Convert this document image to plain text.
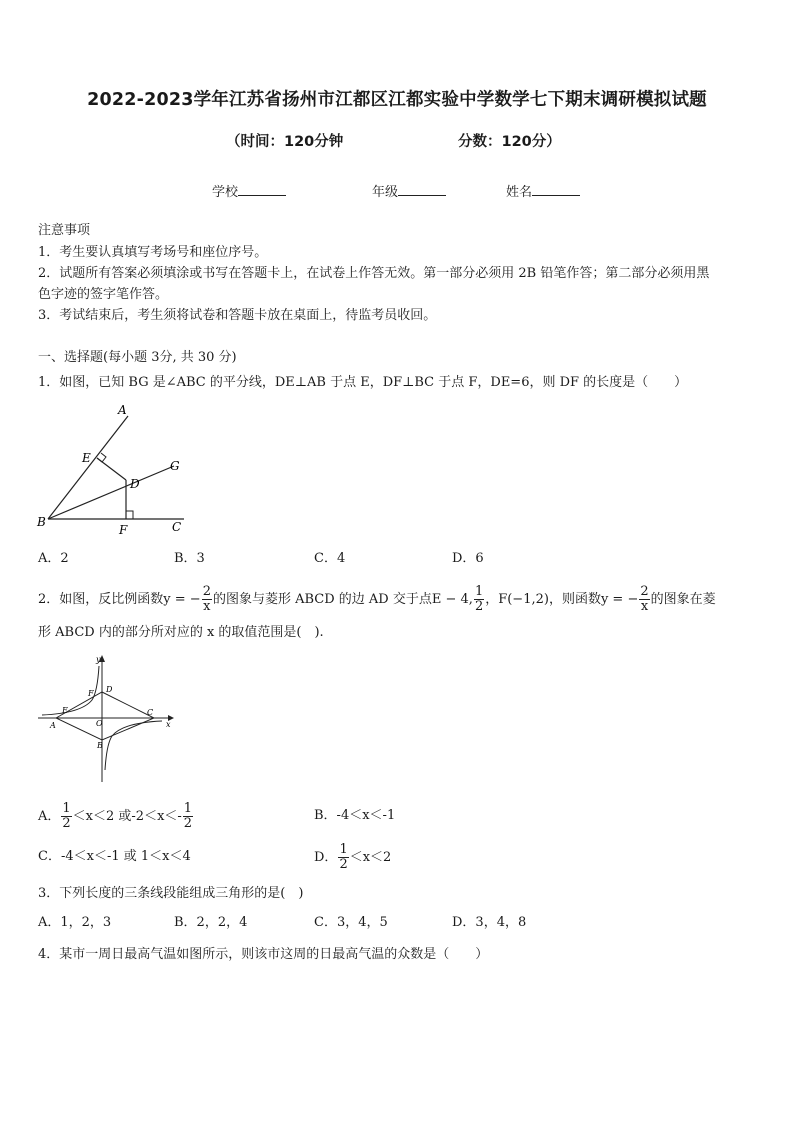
2022-2023学年江苏省扬州市江都区江都实验中学数学七下期末调研模拟试题
（时间：120分钟	分数：120分）
学校	年级	姓名
注意事项
1．考生要认真填写考场号和座位序号。
2．试题所有答案必须填涂或书写在答题卡上，在试卷上作答无效。第一部分必须用 2B 铅笔作答；第二部分必须用黑
色字迹的签字笔作答。
3．考试结束后，考生须将试卷和答题卡放在桌面上，待监考员收回。
一、选择题(每小题 3分, 共 30 分)
1．如图，已知 BG 是∠ABC 的平分线，DE⊥AB 于点 E，DF⊥BC 于点 F，DE=6，则 DF 的长度是（　　）
A
E
G
D
B
F	C
A．2	B．3	C．4	D．6
2．如图，反比例函数y = − $\frac{2}{x}$ 的图象与菱形 ABCD 的边 AD 交于点E − 4, $\frac{1}{2}$ ，F(−1,2)，则函数y = − $\frac{2}{x}$ 的图象在菱
形 ABCD 内的部分所对应的 x 的取值范围是(　).
y
F D
E
O
C
x
A
B
A． $\frac{1}{2} <x<2$ 或$-2<x<- \frac{1}{2}$	B．-4＜x＜-1
C．-4＜x＜-1 或 1＜x＜4	D． $\frac{1}{2} <x<2$
3．下列长度的三条线段能组成三角形的是(　)
A．1，2，3	B．2，2，4	C．3，4，5	D．3，4，8
4．某市一周日最高气温如图所示，则该市这周的日最高气温的众数是（　　）
